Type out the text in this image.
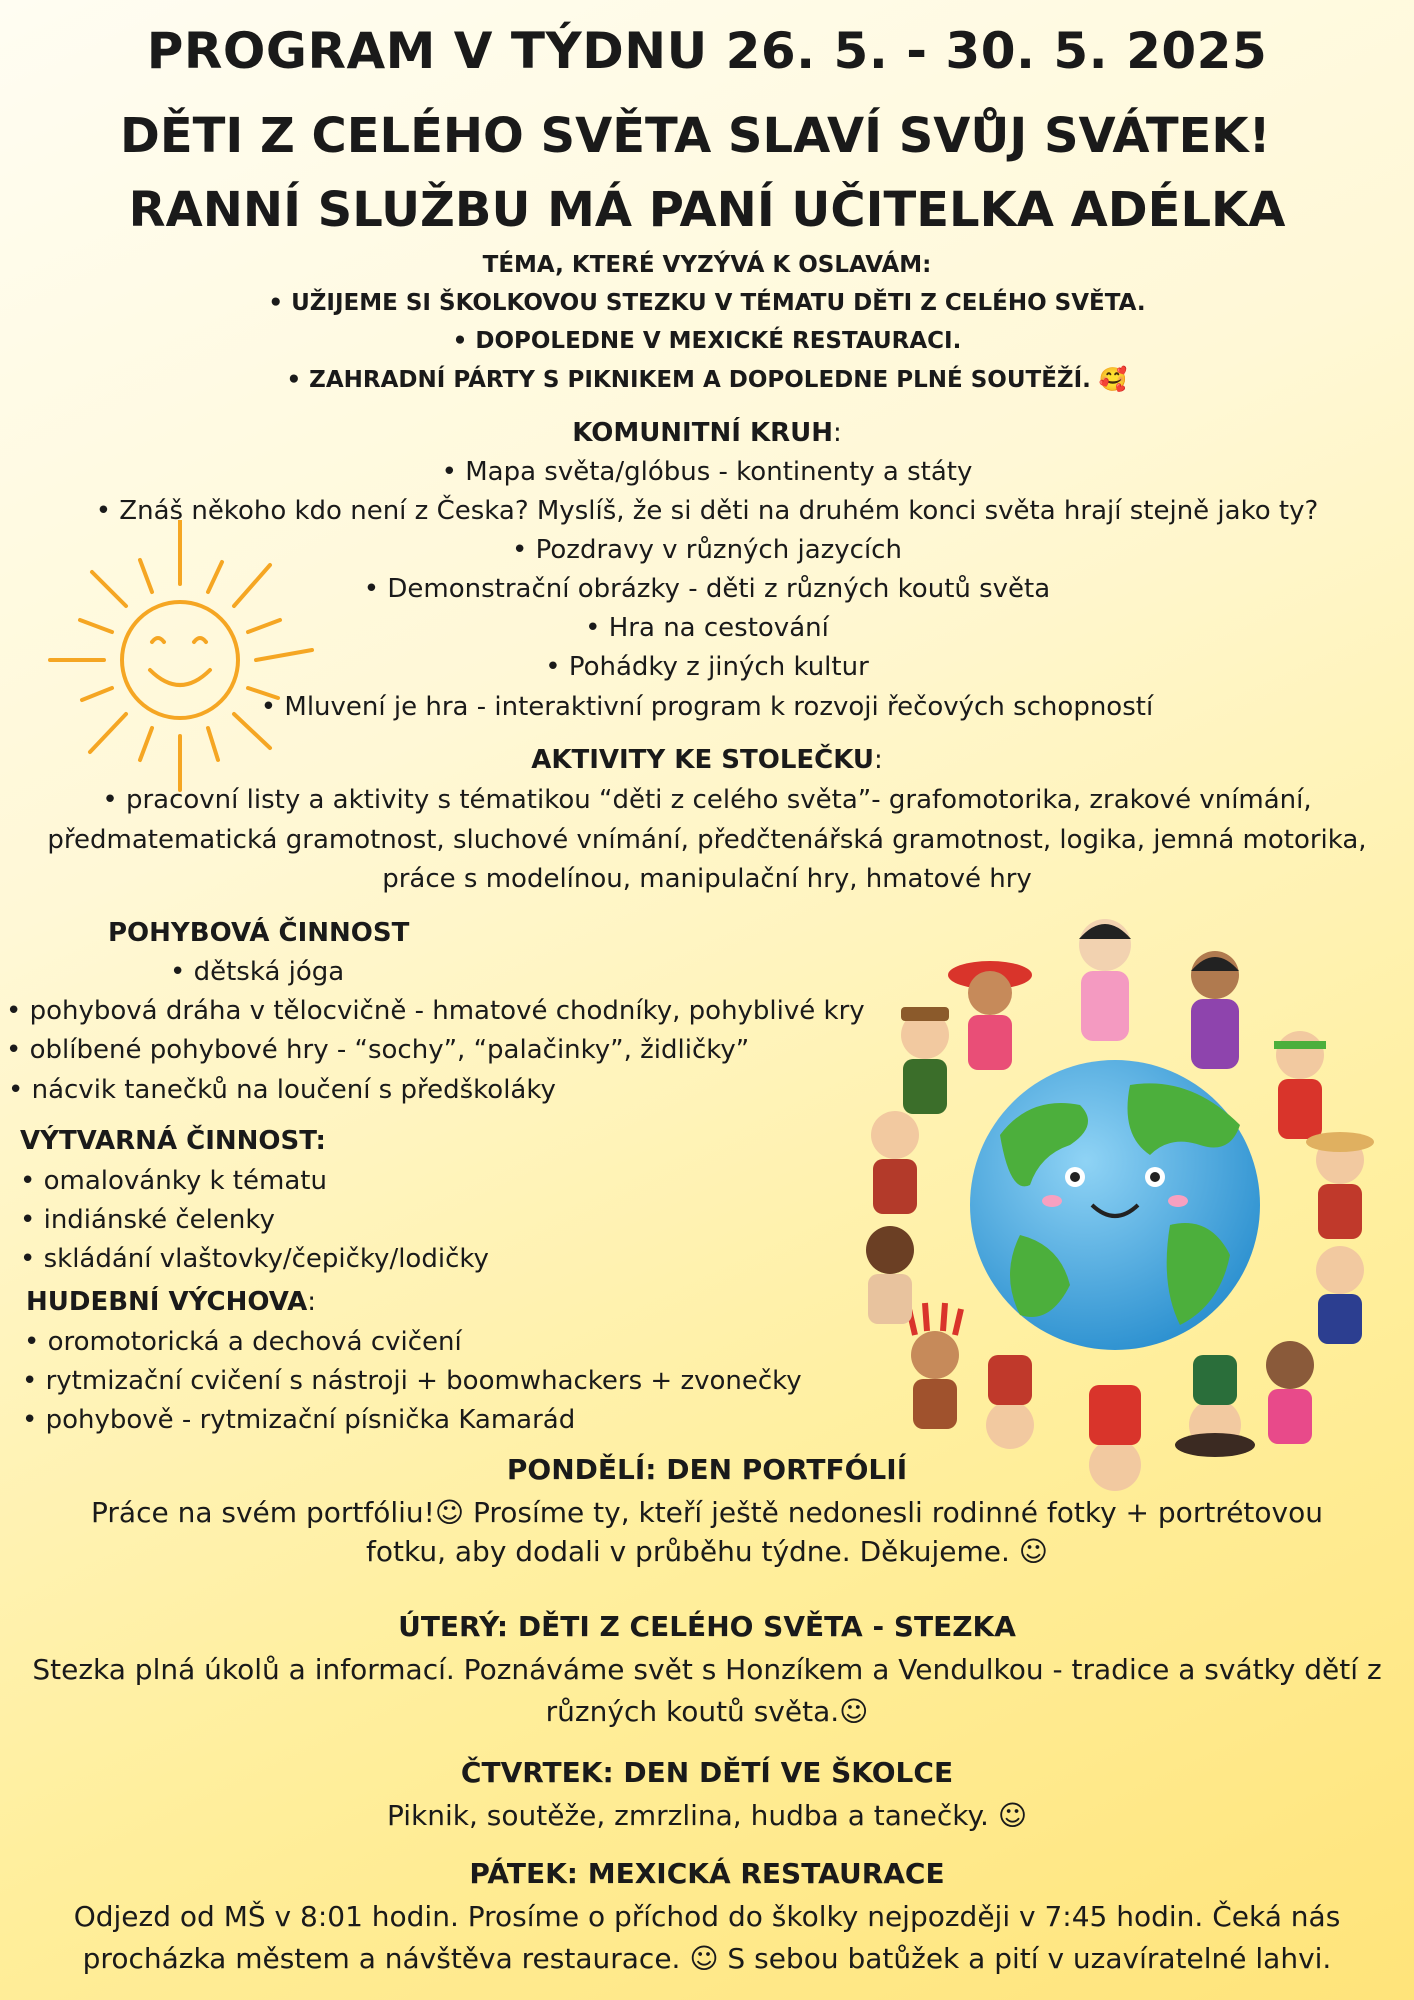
PROGRAM V TÝDNU 26. 5. - 30. 5. 2025
DĚTI Z CELÉHO SVĚTA SLAVÍ SVŮJ SVÁTEK!
RANNÍ SLUŽBU MÁ PANÍ UČITELKA ADÉLKA
TÉMA, KTERÉ VYZÝVÁ K OSLAVÁM:
• UŽIJEME SI ŠKOLKOVOU STEZKU V TÉMATU DĚTI Z CELÉHO SVĚTA.
• DOPOLEDNE V MEXICKÉ RESTAURACI.
• ZAHRADNÍ PÁRTY S PIKNIKEM A DOPOLEDNE PLNÉ SOUTĚŽÍ. 🥰
KOMUNITNÍ KRUH:
• Mapa světa/glóbus - kontinenty a státy
• Znáš někoho kdo není z Česka? Myslíš, že si děti na druhém konci světa hrají stejně jako ty?
• Pozdravy v různých jazycích
• Demonstrační obrázky - děti z různých koutů světa
• Hra na cestování
• Pohádky z jiných kultur
• Mluvení je hra - interaktivní program k rozvoji řečových schopností
AKTIVITY KE STOLEČKU:
• pracovní listy a aktivity s tématikou “děti z celého světa”- grafomotorika, zrakové vnímání,
předmatematická gramotnost, sluchové vnímání, předčtenářská gramotnost, logika, jemná motorika,
práce s modelínou, manipulační hry, hmatové hry
POHYBOVÁ ČINNOST
• dětská jóga
• pohybová dráha v tělocvičně - hmatové chodníky, pohyblivé kry
• oblíbené pohybové hry - “sochy”, “palačinky”, židličky”
• nácvik tanečků na loučení s předškoláky
VÝTVARNÁ ČINNOST:
• omalovánky k tématu
• indiánské čelenky
• skládání vlaštovky/čepičky/lodičky
HUDEBNÍ VÝCHOVA:
• oromotorická a dechová cvičení
• rytmizační cvičení s nástroji + boomwhackers + zvonečky
• pohybově - rytmizační písnička Kamarád
PONDĚLÍ: DEN PORTFÓLIÍ
Práce na svém portfóliu!☺ Prosíme ty, kteří ještě nedonesli rodinné fotky + portrétovou
fotku, aby dodali v průběhu týdne. Děkujeme. ☺
ÚTERÝ: DĚTI Z CELÉHO SVĚTA - STEZKA
Stezka plná úkolů a informací. Poznáváme svět s Honzíkem a Vendulkou - tradice a svátky dětí z
různých koutů světa.☺
ČTVRTEK: DEN DĚTÍ VE ŠKOLCE
Piknik, soutěže, zmrzlina, hudba a tanečky. ☺
PÁTEK: MEXICKÁ RESTAURACE
Odjezd od MŠ v 8:01 hodin. Prosíme o příchod do školky nejpozději v 7:45 hodin. Čeká nás
procházka městem a návštěva restaurace. ☺ S sebou batůžek a pití v uzavíratelné lahvi.
